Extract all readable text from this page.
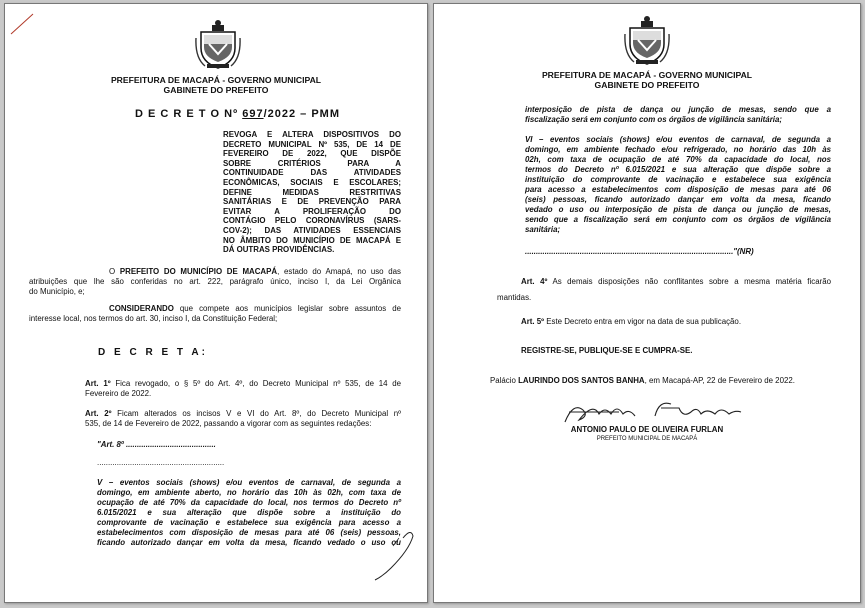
PREFEITURA DE MACAPÁ - GOVERNO MUNICIPAL
GABINETE DO PREFEITO

D E C R E T O Nº 697/2022 – PMM

REVOGA E ALTERA DISPOSITIVOS DO
DECRETO MUNICIPAL Nº 535, DE 14 DE
FEVEREIRO DE 2022, QUE DISPÕE
SOBRE CRITÉRIOS PARA A
CONTINUIDADE DAS ATIVIDADES
ECONÔMICAS, SOCIAIS E ESCOLARES;
DEFINE MEDIDAS RESTRITIVAS
SANITÁRIAS E DE PREVENÇÃO PARA
EVITAR A PROLIFERAÇÃO DO
CONTÁGIO PELO CORONAVÍRUS (SARS-
COV-2); DAS ATIVIDADES ESSENCIAIS
NO ÂMBITO DO MUNICÍPIO DE MACAPÁ E
DÁ OUTRAS PROVIDÊNCIAS.
O PREFEITO DO MUNICÍPIO DE MACAPÁ, estado do Amapá, no uso das
atribuições que lhe são conferidas no art. 222, parágrafo único, inciso I, da Lei Orgânica
do Município, e;
CONSIDERANDO que compete aos municípios legislar sobre assuntos de
interesse local, nos termos do art. 30, inciso I, da Constituição Federal;

D E C R E T A:

Art. 1º Fica revogado, o § 5º do Art. 4º, do Decreto Municipal nº 535, de 14 de
Fevereiro de 2022.
Art. 2º Ficam alterados os incisos V e VI do Art. 8º, do Decreto Municipal nº
535, de 14 de Fevereiro de 2022, passando a vigorar com as seguintes redações:
"Art. 8º .........................................
..........................................................
V – eventos sociais (shows) e/ou eventos de carnaval, de segunda a
domingo, em ambiente aberto, no horário das 10h às 02h, com taxa de
ocupação de até 70% da capacidade do local, nos termos do Decreto nº
6.015/2021 e sua alteração que dispõe sobre a instituição do
comprovante de vacinação e estabelece sua exigência para acesso a
estabelecimentos com disposição de mesas para até 06 (seis) pessoas,
ficando autorizado dançar em volta da mesa, ficando vedado o uso ou
PREFEITURA DE MACAPÁ - GOVERNO MUNICIPAL
GABINETE DO PREFEITO
interposição de pista de dança ou junção de mesas, sendo que a
fiscalização será em conjunto com os órgãos de vigilância sanitária;
VI – eventos sociais (shows) e/ou eventos de carnaval, de segunda a
domingo, em ambiente fechado e/ou refrigerado, no horário das 10h às
02h, com taxa de ocupação de até 70% da capacidade do local, nos
termos do Decreto nº 6.015/2021 e sua alteração que dispõe sobre a
instituição do comprovante de vacinação e estabelece sua exigência
para acesso a estabelecimentos com disposição de mesas para até 06
(seis) pessoas, ficando autorizado dançar em volta da mesa, ficando
vedado o uso ou interposição de pista de dança ou junção de mesas,
sendo que a fiscalização será em conjunto com os órgãos de vigilância
sanitária;
..............................................................................................."(NR)
Art. 4º As demais disposições não conflitantes sobre a mesma matéria ficarão
mantidas.
Art. 5º Este Decreto entra em vigor na data de sua publicação.
REGISTRE-SE, PUBLIQUE-SE E CUMPRA-SE.
Palácio LAURINDO DOS SANTOS BANHA, em Macapá-AP, 22 de Fevereiro de 2022.
ANTONIO PAULO DE OLIVEIRA FURLAN
PREFEITO MUNICIPAL DE MACAPÁ
